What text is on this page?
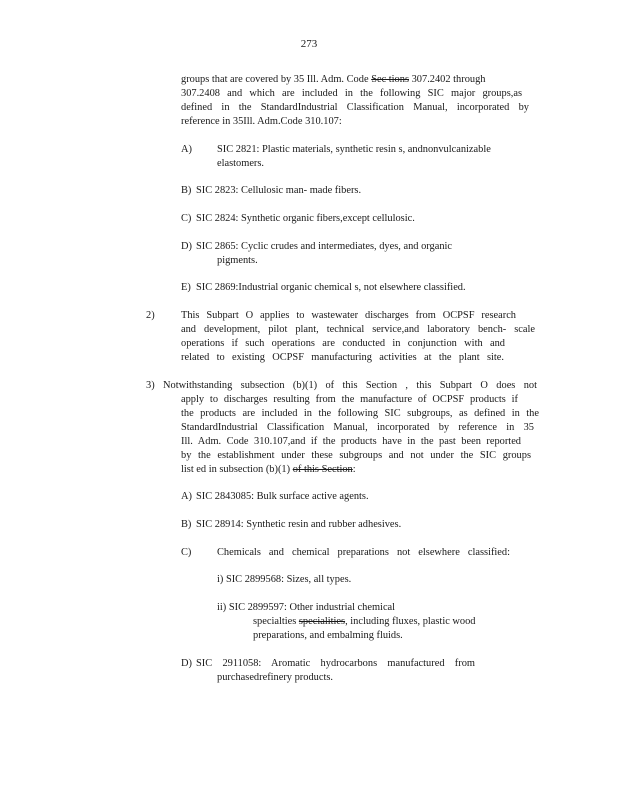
273
groups that are covered by 35 Ill. Adm. Code Sec tions 307.2402 through
307.2408 and which are included in the following SIC major groups,as
defined in the StandardIndustrial Classification Manual, incorporated by
reference in 35Ill. Adm.Code 310.107:
A) SIC 2821: Plastic materials, synthetic resin s, andnonvulcanizable
elastomers.
B) SIC 2823: Cellulosic man- made fibers.
C) SIC 2824: Synthetic organic fibers,except cellulosic.
D) SIC 2865: Cyclic crudes and intermediates, dyes, and organic
pigments.
E) SIC 2869:Industrial organic chemical s, not elsewhere classified.
2)	This Subpart O applies to wastewater discharges from OCPSF research
and development, pilot plant, technical service,and laboratory bench- scale
operations if such operations are conducted in conjunction with and
related to existing OCPSF manufacturing activities at the plant site.
3) Notwithstanding subsection (b)(1) of this Section , this Subpart O does not
apply to discharges resulting from the manufacture of OCPSF products if
the products are included in the following SIC subgroups, as defined in the
StandardIndustrial Classification Manual, incorporated by reference in 35
Ill. Adm. Code 310.107,and if the products have in the past been reported
by the establishment under these subgroups and not under the SIC groups
list ed in subsection (b)(1) of this Section:
A) SIC 2843085: Bulk surface active agents.
B) SIC 28914: Synthetic resin and rubber adhesives.
C) Chemicals and chemical preparations not elsewhere classified:
i) SIC 2899568: Sizes, all types.
ii) SIC 2899597: Other industrial chemical
specialties specialities, including fluxes, plastic wood
preparations, and embalming fluids.
D) SIC 2911058: Aromatic hydrocarbons manufactured from
purchasedrefinery products.
